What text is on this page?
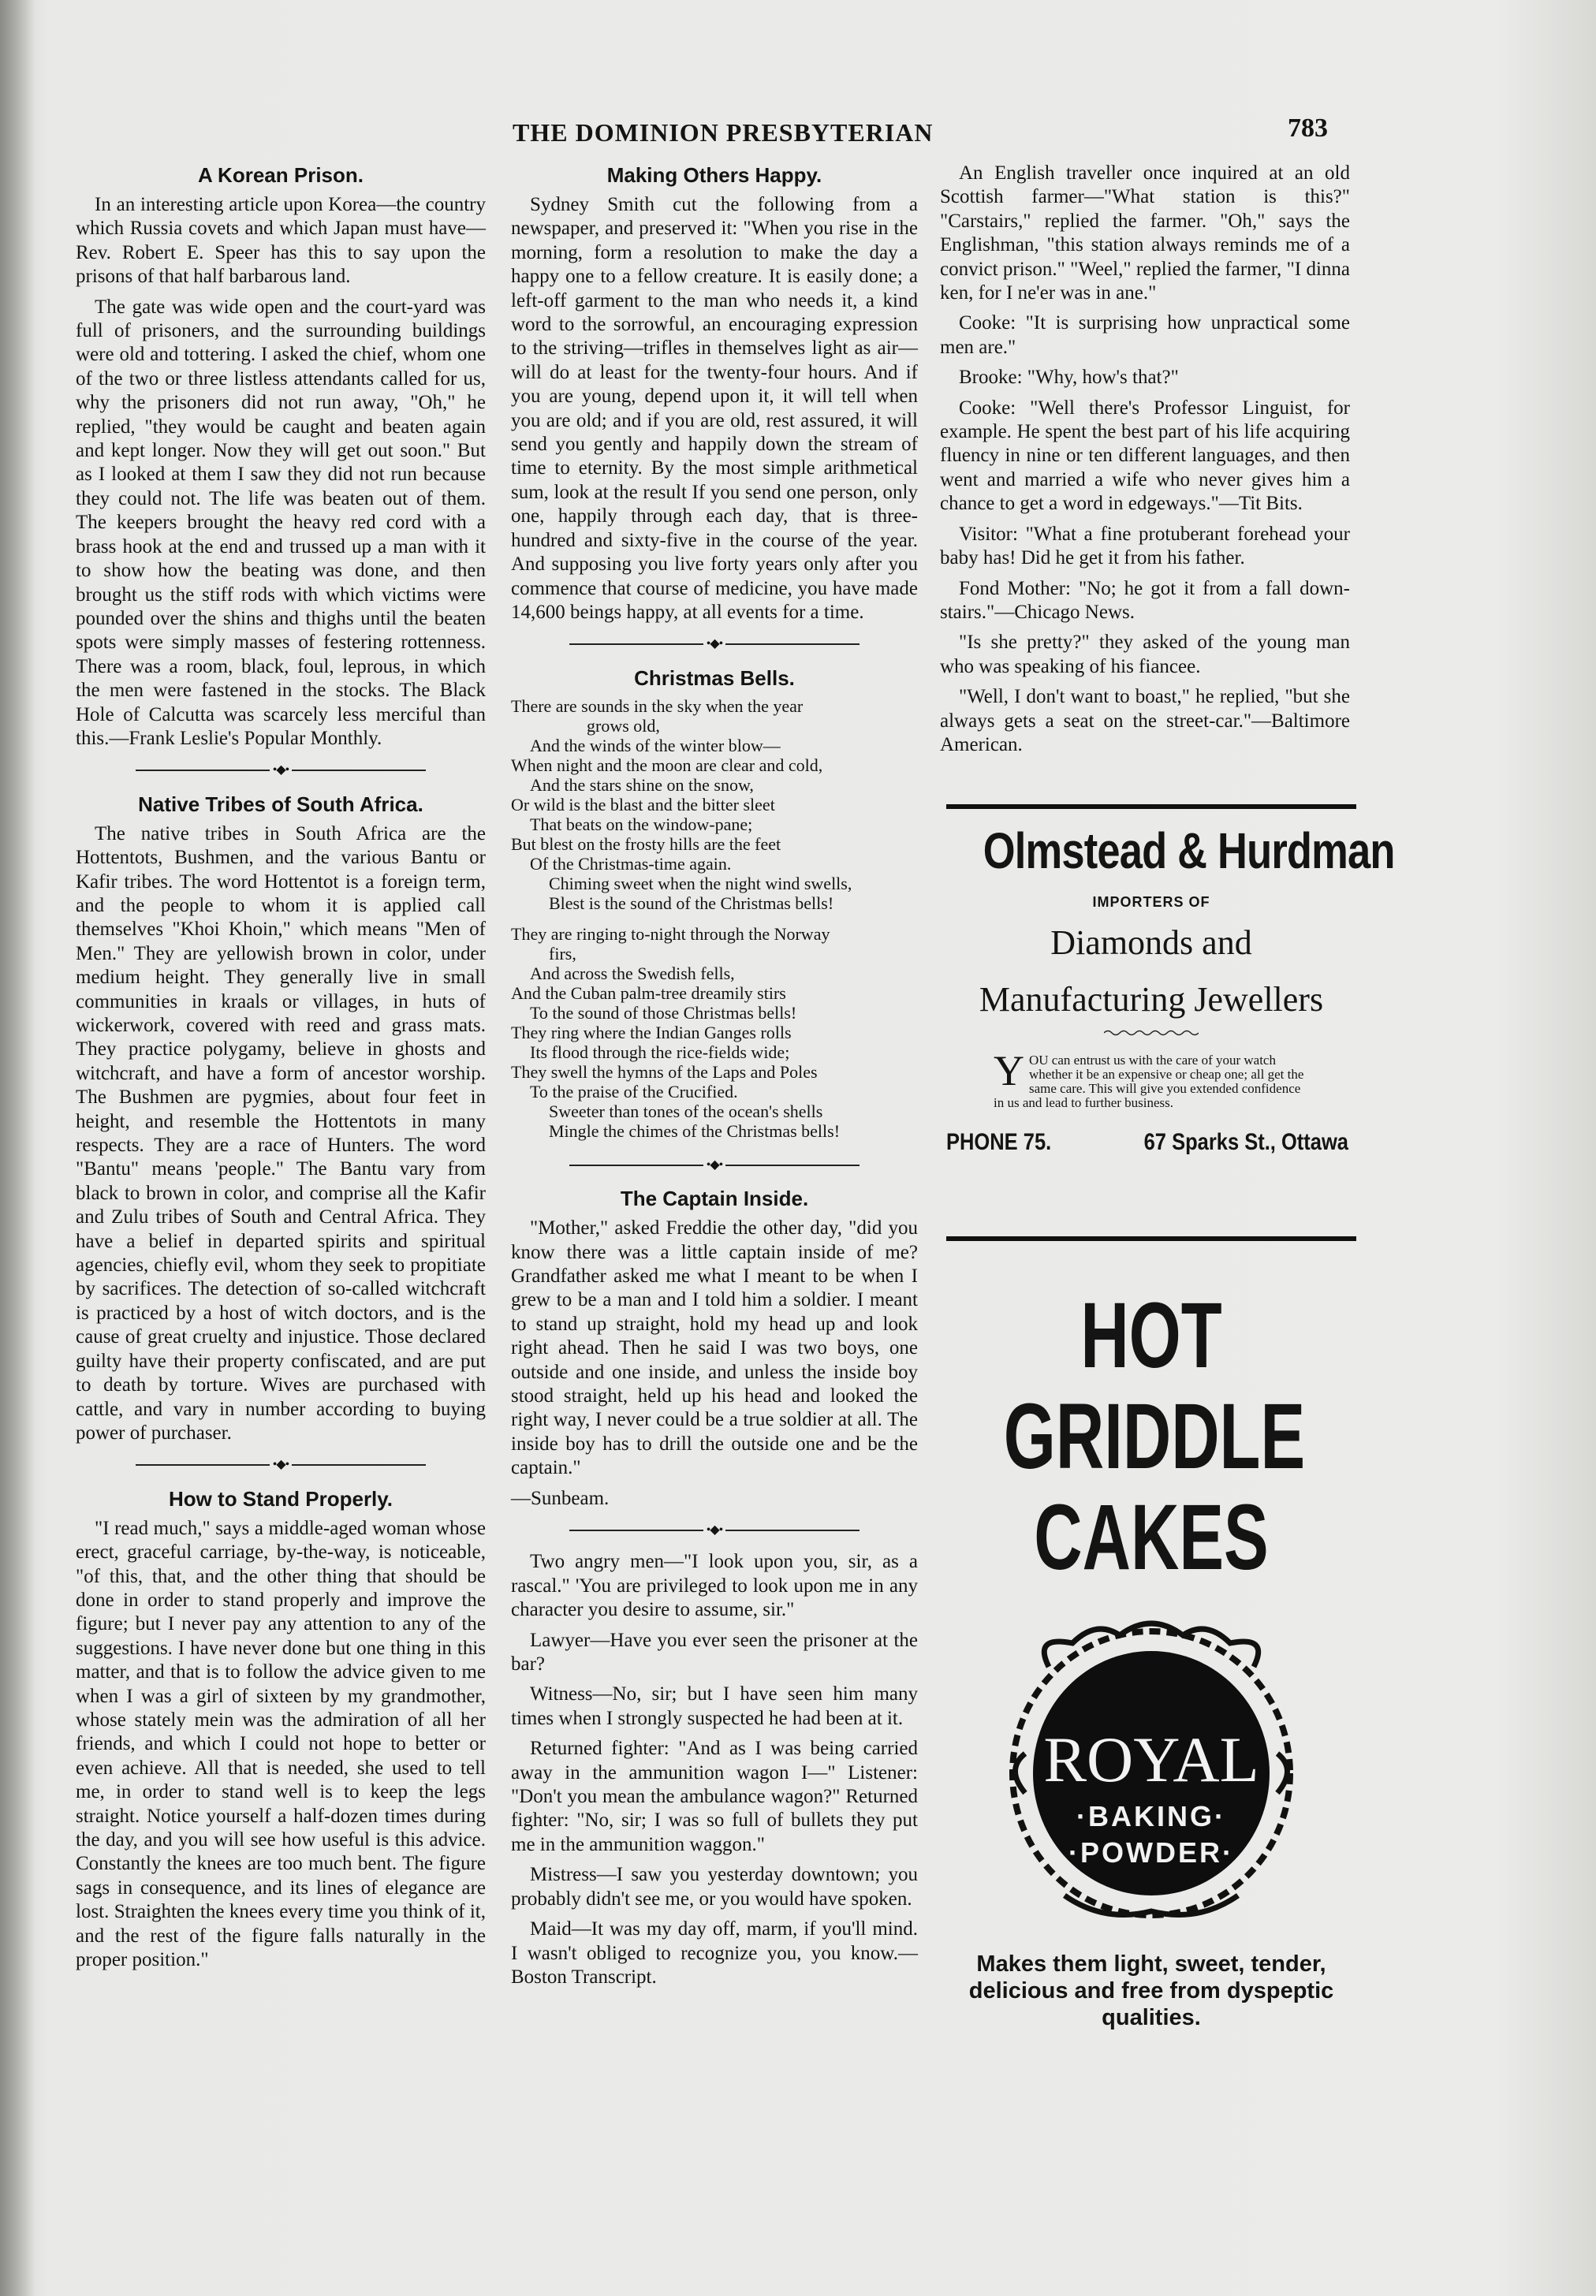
THE DOMINION PRESBYTERIAN	783
A Korean Prison.

In an interesting article upon Korea—the country which Russia covets and which Japan must have—Rev. Robert E. Speer has this to say upon the prisons of that half barbarous land.

The gate was wide open and the court-yard was full of prisoners, and the surrounding buildings were old and tottering. I asked the chief, whom one of the two or three listless attendants called for us, why the prisoners did not run away, "Oh," he replied, "they would be caught and beaten again and kept longer. Now they will get out soon." But as I looked at them I saw they did not run because they could not. The life was beaten out of them. The keepers brought the heavy red cord with a brass hook at the end and trussed up a man with it to show how the beating was done, and then brought us the stiff rods with which victims were pounded over the shins and thighs until the beaten spots were simply masses of festering rottenness. There was a room, black, foul, leprous, in which the men were fastened in the stocks. The Black Hole of Calcutta was scarcely less merciful than this.—Frank Leslie's Popular Monthly.

•◆•
Native Tribes of South Africa.

The native tribes in South Africa are the Hottentots, Bushmen, and the various Bantu or Kafir tribes. The word Hottentot is a foreign term, and the people to whom it is applied call themselves "Khoi Khoin," which means "Men of Men." They are yellowish brown in color, under medium height. They generally live in small communities in kraals or villages, in huts of wickerwork, covered with reed and grass mats. They practice polygamy, believe in ghosts and witchcraft, and have a form of ancestor worship. The Bushmen are pygmies, about four feet in height, and resemble the Hottentots in many respects. They are a race of Hunters. The word "Bantu" means 'people." The Bantu vary from black to brown in color, and comprise all the Kafir and Zulu tribes of South and Central Africa. They have a belief in departed spirits and spiritual agencies, chiefly evil, whom they seek to propitiate by sacrifices. The detection of so-called witchcraft is practiced by a host of witch doctors, and is the cause of great cruelty and injustice. Those declared guilty have their property confiscated, and are put to death by torture. Wives are purchased with cattle, and vary in number according to buying power of purchaser.

•◆•
How to Stand Properly.

"I read much," says a middle-aged woman whose erect, graceful carriage, by-the-way, is noticeable, "of this, that, and the other thing that should be done in order to stand properly and improve the figure; but I never pay any attention to any of the suggestions. I have never done but one thing in this matter, and that is to follow the advice given to me when I was a girl of sixteen by my grandmother, whose stately mein was the admiration of all her friends, and which I could not hope to better or even achieve. All that is needed, she used to tell me, in order to stand well is to keep the legs straight. Notice yourself a half-dozen times during the day, and you will see how useful is this advice. Constantly the knees are too much bent. The figure sags in consequence, and its lines of elegance are lost. Straighten the knees every time you think of it, and the rest of the figure falls naturally in the proper position."

Making Others Happy.

Sydney Smith cut the following from a newspaper, and preserved it: "When you rise in the morning, form a resolution to make the day a happy one to a fellow creature. It is easily done; a left-off garment to the man who needs it, a kind word to the sorrowful, an encouraging expression to the striving—trifles in themselves light as air—will do at least for the twenty-four hours. And if you are young, depend upon it, it will tell when you are old; and if you are old, rest assured, it will send you gently and happily down the stream of time to eternity. By the most simple arithmetical sum, look at the result If you send one person, only one, happily through each day, that is three-hundred and sixty-five in the course of the year. And supposing you live forty years only after you commence that course of medicine, you have made 14,600 beings happy, at all events for a time.

•◆•
Christmas Bells.
There are sounds in the sky when the year
grows old,
And the winds of the winter blow—
When night and the moon are clear and cold,
And the stars shine on the snow,
Or wild is the blast and the bitter sleet
That beats on the window-pane;
But blest on the frosty hills are the feet
Of the Christmas-time again.
Chiming sweet when the night wind swells,
Blest is the sound of the Christmas bells!
They are ringing to-night through the Norway
firs,
And across the Swedish fells,
And the Cuban palm-tree dreamily stirs
To the sound of those Christmas bells!
They ring where the Indian Ganges rolls
Its flood through the rice-fields wide;
They swell the hymns of the Laps and Poles
To the praise of the Crucified.
Sweeter than tones of the ocean's shells
Mingle the chimes of the Christmas bells!
•◆•
The Captain Inside.

"Mother," asked Freddie the other day, "did you know there was a little captain inside of me? Grandfather asked me what I meant to be when I grew to be a man and I told him a soldier. I meant to stand up straight, hold my head up and look right ahead. Then he said I was two boys, one outside and one inside, and unless the inside boy stood straight, held up his head and looked the right way, I never could be a true soldier at all. The inside boy has to drill the outside one and be the captain."

—Sunbeam.

•◆•

Two angry men—"I look upon you, sir, as a rascal." 'You are privileged to look upon me in any character you desire to assume, sir."

Lawyer—Have you ever seen the prisoner at the bar?

Witness—No, sir; but I have seen him many times when I strongly suspected he had been at it.

Returned fighter: "And as I was being carried away in the ammunition wagon I—" Listener: "Don't you mean the ambulance wagon?" Returned fighter: "No, sir; I was so full of bullets they put me in the ammunition waggon."

Mistress—I saw you yesterday downtown; you probably didn't see me, or you would have spoken.

Maid—It was my day off, marm, if you'll mind. I wasn't obliged to recognize you, you know.—Boston Transcript.

An English traveller once inquired at an old Scottish farmer—"What station is this?" "Carstairs," replied the farmer. "Oh," says the Englishman, "this station always reminds me of a convict prison." "Weel," replied the farmer, "I dinna ken, for I ne'er was in ane."

Cooke: "It is surprising how unpractical some men are."

Brooke: "Why, how's that?"

Cooke: "Well there's Professor Linguist, for example. He spent the best part of his life acquiring fluency in nine or ten different languages, and then went and married a wife who never gives him a chance to get a word in edgeways."—Tit Bits.

Visitor: "What a fine protuberant forehead your baby has! Did he get it from his father.

Fond Mother: "No; he got it from a fall down-stairs."—Chicago News.

"Is she pretty?" they asked of the young man who was speaking of his fiancee.

"Well, I don't want to boast," he replied, "but she always gets a seat on the street-car."—Baltimore American.

Olmstead & Hurdman
IMPORTERS OF
Diamonds and
Manufacturing Jewellers
YOU can entrust us with the care of your watch whether it be an expensive or cheap one; all get the same care. This will give you extended confidence in us and lead to further business.
PHONE 75.	67 Sparks St., Ottawa
HOT
GRIDDLE
CAKES
ROYAL
·BAKING·
·POWDER·
Makes them light, sweet, tender, delicious and free from dyspeptic qualities.
